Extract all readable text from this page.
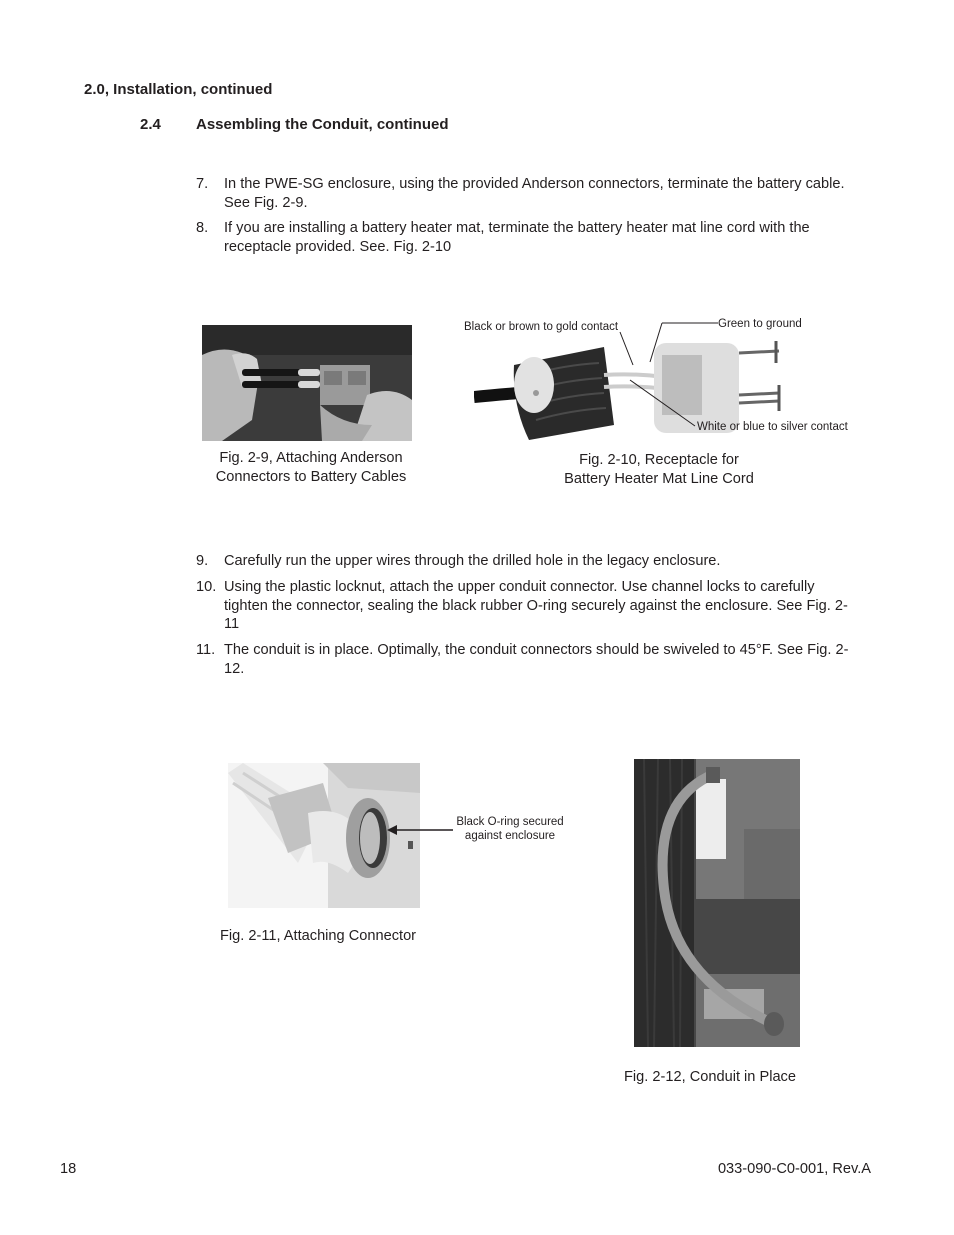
2.0, Installation, continued
2.4 Assembling the Conduit, continued
7. In the PWE-SG enclosure, using the provided Anderson connectors, terminate the battery cable. See Fig. 2-9.
8. If you are installing a battery heater mat, terminate the battery heater mat line cord with the receptacle provided. See. Fig. 2-10
Fig. 2-9, Attaching Anderson
Connectors to Battery Cables
Black or brown to gold contact	Green to ground
White or blue to silver contact
Fig. 2-10, Receptacle for
Battery Heater Mat Line Cord
9. Carefully run the upper wires through the drilled hole in the legacy enclosure.
10. Using the plastic locknut, attach the upper conduit connector. Use channel locks to carefully tighten the connector, sealing the black rubber O-ring securely against the enclosure. See Fig. 2-11
11. The conduit is in place. Optimally, the conduit connectors should be swiveled to 45°F. See Fig. 2-12.
Black O-ring secured
against enclosure
Fig. 2-11, Attaching Connector
Fig. 2-12, Conduit in Place
18	033-090-C0-001, Rev.A
